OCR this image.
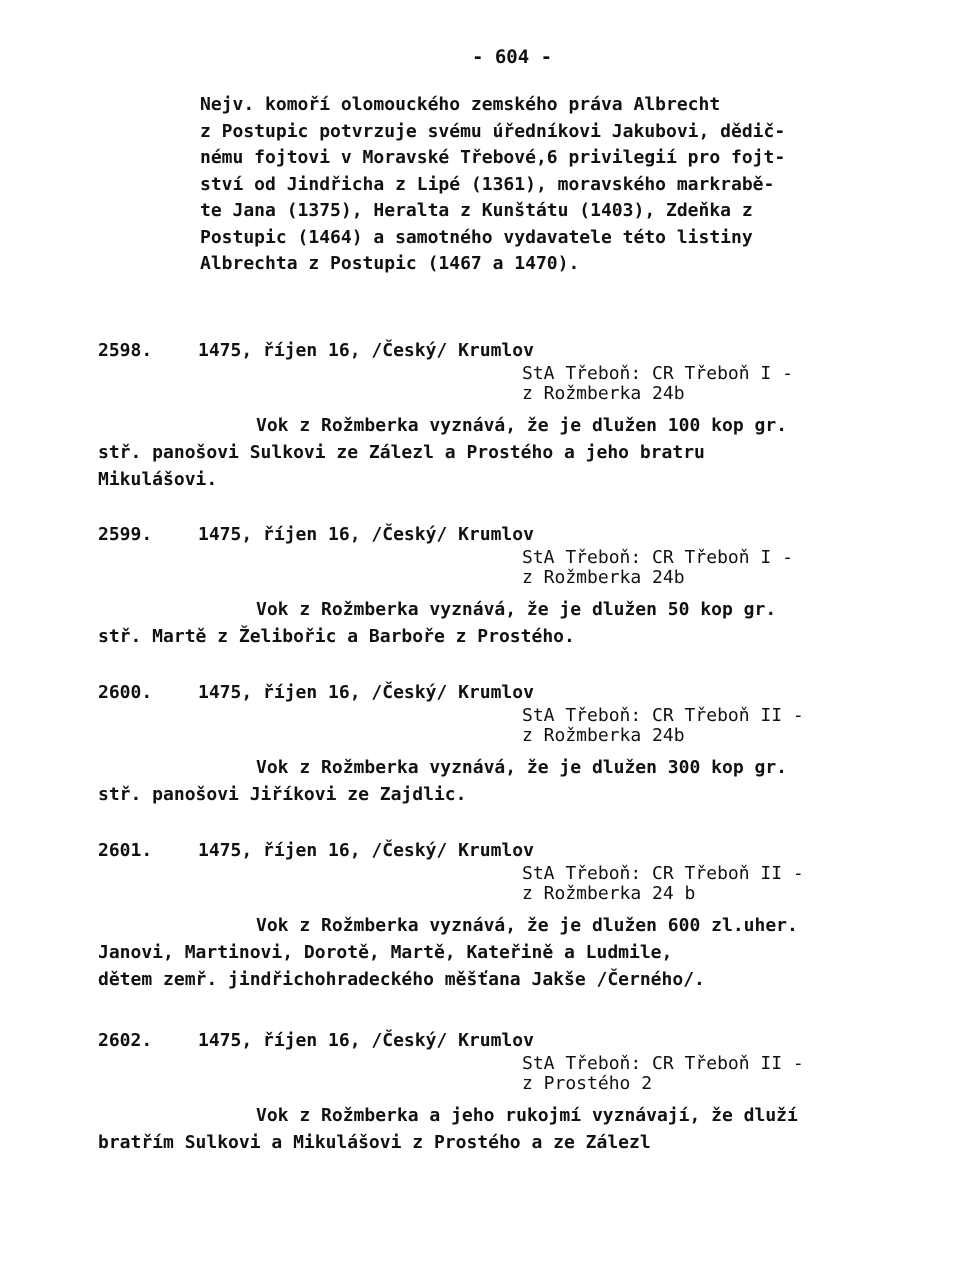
- 604 -
Nejv. komoří olomouckého zemského práva Albrecht
z Postupic potvrzuje svému úředníkovi Jakubovi, dědič-
nému fojtovi v Moravské Třebové,6 privilegií pro fojt-
ství od Jindřicha z Lipé (1361), moravského markrabě-
te Jana (1375), Heralta z Kunštátu (1403), Zdeňka z
Postupic (1464) a samotného vydavatele této listiny
Albrechta z Postupic (1467 a 1470).
2598.	1475, říjen 16, /Český/ Krumlov
StA Třeboň: CR Třeboň I -
z Rožmberka 24b
Vok z Rožmberka vyznává, že je dlužen 100 kop gr.
stř. panošovi Sulkovi ze Zálezl a Prostého a jeho bratru
Mikulášovi.
2599.	1475, říjen 16, /Český/ Krumlov
StA Třeboň: CR Třeboň I -
z Rožmberka 24b
Vok z Rožmberka vyznává, že je dlužen 50 kop gr.
stř. Martě z Želibořic a Barboře z Prostého.
2600.	1475, říjen 16, /Český/ Krumlov
StA Třeboň: CR Třeboň II -
z Rožmberka 24b
Vok z Rožmberka vyznává, že je dlužen 300 kop gr.
stř. panošovi Jiříkovi ze Zajdlic.
2601.	1475, říjen 16, /Český/ Krumlov
StA Třeboň: CR Třeboň II -
z Rožmberka 24 b
Vok z Rožmberka vyznává, že je dlužen 600 zl.uher.
Janovi, Martinovi, Dorotě, Martě, Kateřině a Ludmile,
dětem zemř. jindřichohradeckého měšťana Jakše /Černého/.
2602.	1475, říjen 16, /Český/ Krumlov
StA Třeboň: CR Třeboň II -
z Prostého 2
Vok z Rožmberka a jeho rukojmí vyznávají, že dluží
bratřím Sulkovi a Mikulášovi z Prostého a ze Zálezl
